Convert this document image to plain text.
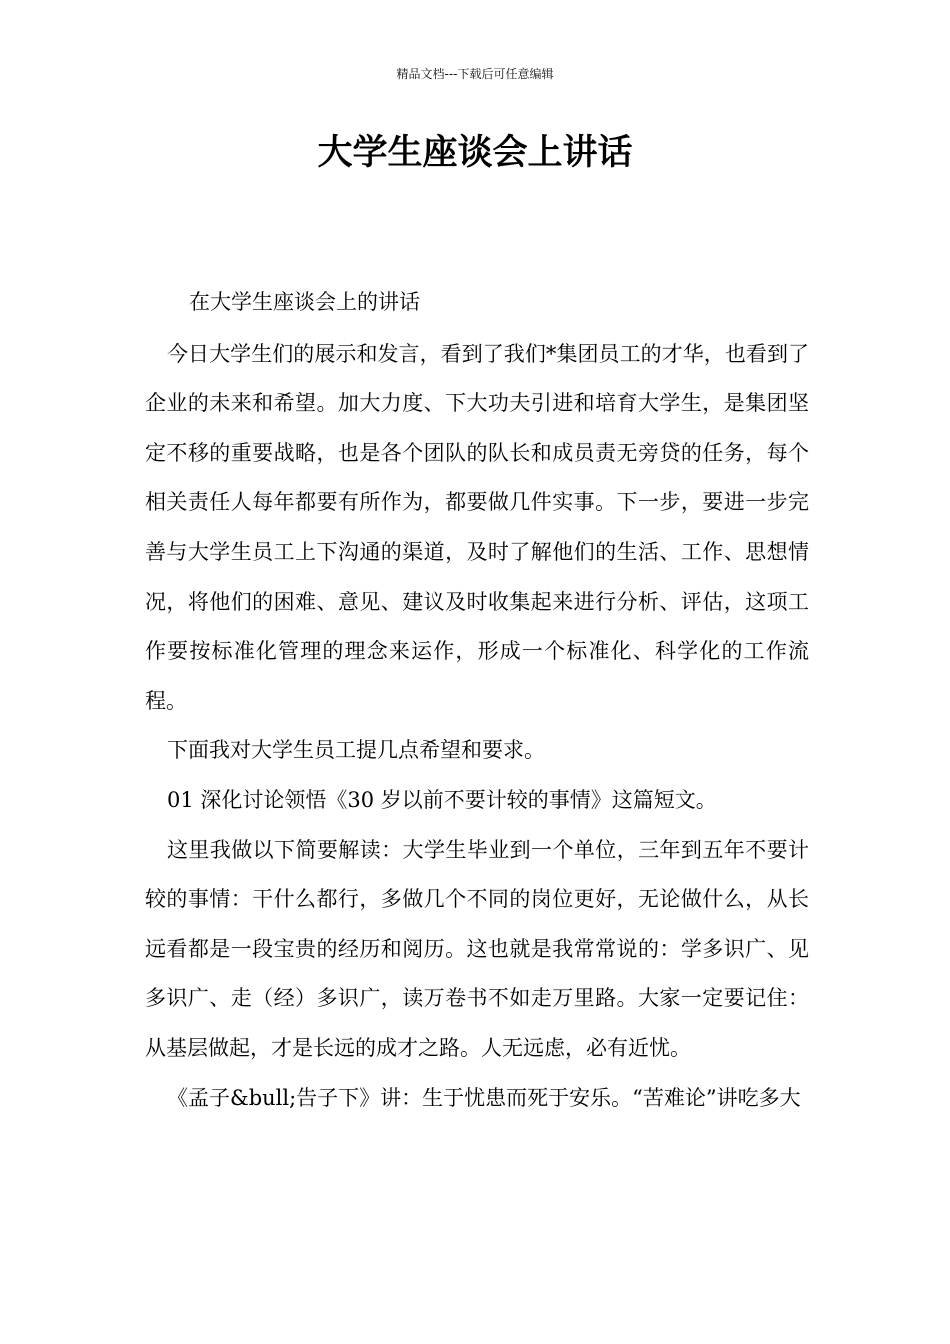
精品文档---下载后可任意编辑
大学生座谈会上讲话

在大学生座谈会上的讲话

今日大学生们的展示和发言，看到了我们*集团员工的才华，也看到了企业的未来和希望。加大力度、下大功夫引进和培育大学生，是集团坚定不移的重要战略，也是各个团队的队长和成员责无旁贷的任务，每个相关责任人每年都要有所作为，都要做几件实事。下一步，要进一步完善与大学生员工上下沟通的渠道，及时了解他们的生活、工作、思想情况，将他们的困难、意见、建议及时收集起来进行分析、评估，这项工作要按标准化管理的理念来运作，形成一个标准化、科学化的工作流程。

下面我对大学生员工提几点希望和要求。

01 深化讨论领悟《30 岁以前不要计较的事情》这篇短文。

这里我做以下简要解读：大学生毕业到一个单位，三年到五年不要计较的事情：干什么都行，多做几个不同的岗位更好，无论做什么，从长远看都是一段宝贵的经历和阅历。这也就是我常常说的：学多识广、见多识广、走（经）多识广，读万卷书不如走万里路。大家一定要记住：从基层做起，才是长远的成才之路。人无远虑，必有近忧。

《孟子&bull;告子下》讲：生于忧患而死于安乐。“苦难论”讲吃多大
